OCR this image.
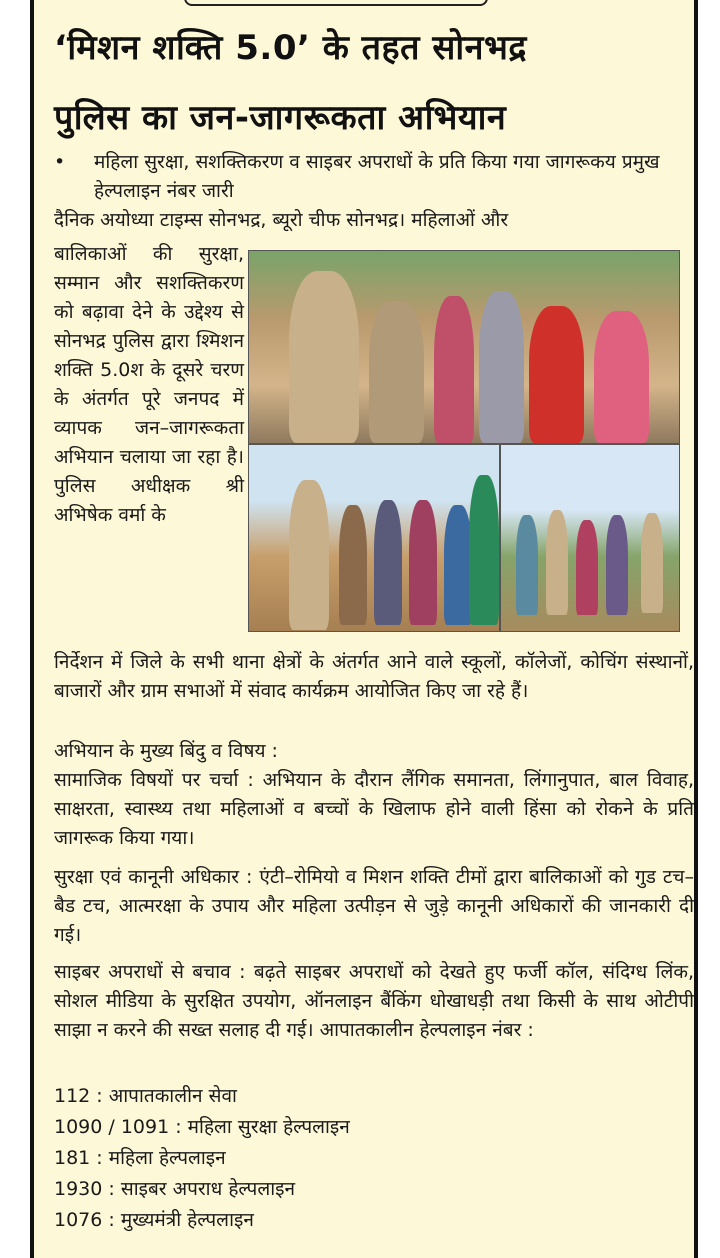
‘मिशन शक्ति 5.0’ के तहत सोनभद्र
पुलिस का जन-जागरूकता अभियान
• महिला सुरक्षा, सशक्तिकरण व साइबर अपराधों के प्रति किया गया जागरूकय प्रमुख हेल्पलाइन नंबर जारी
दैनिक अयोध्या टाइम्स सोनभद्र, ब्यूरो चीफ सोनभद्र। महिलाओं और
बालिकाओं की सुरक्षा, सम्मान और सशक्तिकरण को बढ़ावा देने के उद्देश्य से सोनभद्र पुलिस द्वारा श्मिशन शक्ति 5.0श के दूसरे चरण के अंतर्गत पूरे जनपद में व्यापक जन–जागरूकता अभियान चलाया जा रहा है। पुलिस अधीक्षक श्री अभिषेक वर्मा के
निर्देशन में जिले के सभी थाना क्षेत्रों के अंतर्गत आने वाले स्कूलों, कॉलेजों, कोचिंग संस्थानों, बाजारों और ग्राम सभाओं में संवाद कार्यक्रम आयोजित किए जा रहे हैं।
अभियान के मुख्य बिंदु व विषय :
सामाजिक विषयों पर चर्चा : अभियान के दौरान लैंगिक समानता, लिंगानुपात, बाल विवाह, साक्षरता, स्वास्थ्य तथा महिलाओं व बच्चों के खिलाफ होने वाली हिंसा को रोकने के प्रति जागरूक किया गया।
सुरक्षा एवं कानूनी अधिकार : एंटी–रोमियो व मिशन शक्ति टीमों द्वारा बालिकाओं को गुड टच–बैड टच, आत्मरक्षा के उपाय और महिला उत्पीड़न से जुड़े कानूनी अधिकारों की जानकारी दी गई।
साइबर अपराधों से बचाव : बढ़ते साइबर अपराधों को देखते हुए फर्जी कॉल, संदिग्ध लिंक, सोशल मीडिया के सुरक्षित उपयोग, ऑनलाइन बैंकिंग धोखाधड़ी तथा किसी के साथ ओटीपी साझा न करने की सख्त सलाह दी गई। आपातकालीन हेल्पलाइन नंबर :
112 : आपातकालीन सेवा
1090 / 1091 : महिला सुरक्षा हेल्पलाइन
181 : महिला हेल्पलाइन
1930 : साइबर अपराध हेल्पलाइन
1076 : मुख्यमंत्री हेल्पलाइन
